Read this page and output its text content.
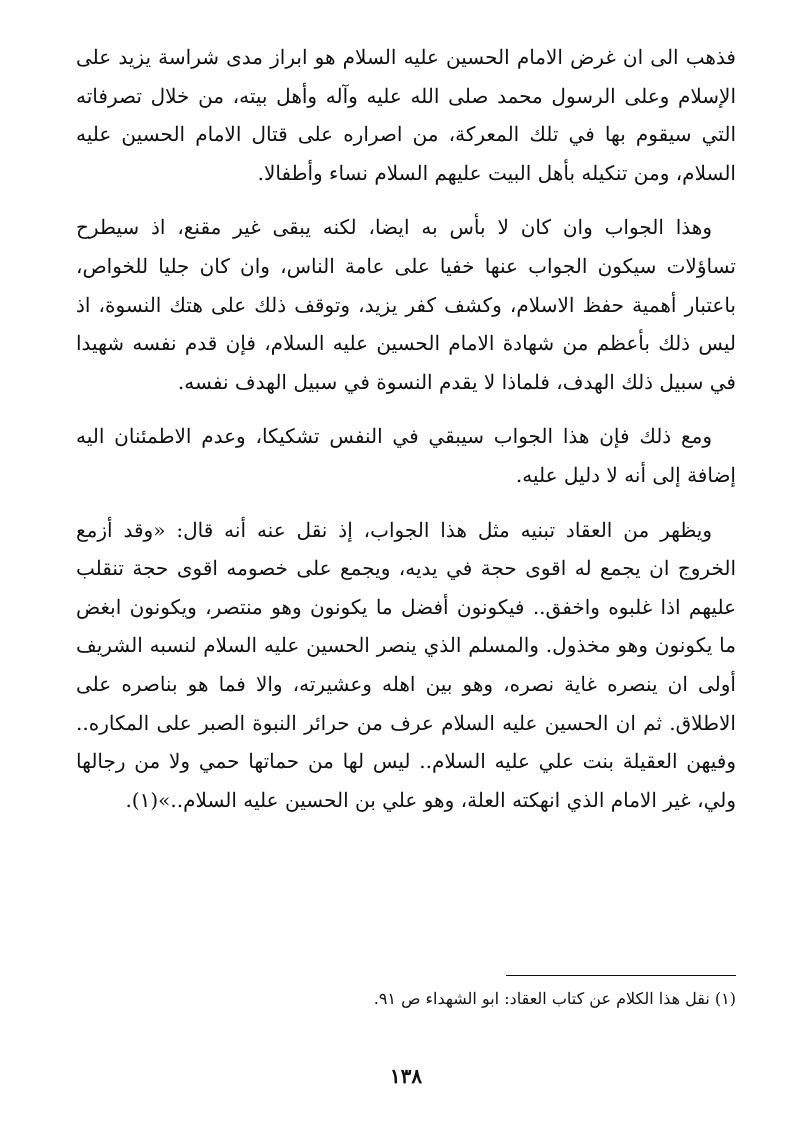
فذهب الى ان غرض الامام الحسين عليه السلام هو ابراز مدى شراسة يزيد على الإسلام وعلى الرسول محمد صلى الله عليه وآله وأهل بيته، من خلال تصرفاته التي سيقوم بها في تلك المعركة، من اصراره على قتال الامام الحسين عليه السلام، ومن تنكيله بأهل البيت عليهم السلام نساء وأطفالا.

وهذا الجواب وان كان لا بأس به ايضا، لكنه يبقى غير مقنع، اذ سيطرح تساؤلات سيكون الجواب عنها خفيا على عامة الناس، وان كان جليا للخواص، باعتبار أهمية حفظ الاسلام، وكشف كفر يزيد، وتوقف ذلك على هتك النسوة، اذ ليس ذلك بأعظم من شهادة الامام الحسين عليه السلام، فإن قدم نفسه شهيدا في سبيل ذلك الهدف، فلماذا لا يقدم النسوة في سبيل الهدف نفسه.

ومع ذلك فإن هذا الجواب سيبقي في النفس تشكيكا، وعدم الاطمئنان اليه إضافة إلى أنه لا دليل عليه.

ويظهر من العقاد تبنيه مثل هذا الجواب، إذ نقل عنه أنه قال: «وقد أزمع الخروج ان يجمع له اقوى حجة في يديه، ويجمع على خصومه اقوى حجة تنقلب عليهم اذا غلبوه واخفق.. فيكونون أفضل ما يكونون وهو منتصر، ويكونون ابغض ما يكونون وهو مخذول. والمسلم الذي ينصر الحسين عليه السلام لنسبه الشريف أولى ان ينصره غاية نصره، وهو بين اهله وعشيرته، والا فما هو بناصره على الاطلاق. ثم ان الحسين عليه السلام عرف من حرائر النبوة الصبر على المكاره.. وفيهن العقيلة بنت علي عليه السلام.. ليس لها من حماتها حمي ولا من رجالها ولي، غير الامام الذي انهكته العلة، وهو علي بن الحسين عليه السلام..»(١).

(١) نقل هذا الكلام عن كتاب العقاد: ابو الشهداء ص ٩١.
١٣٨
